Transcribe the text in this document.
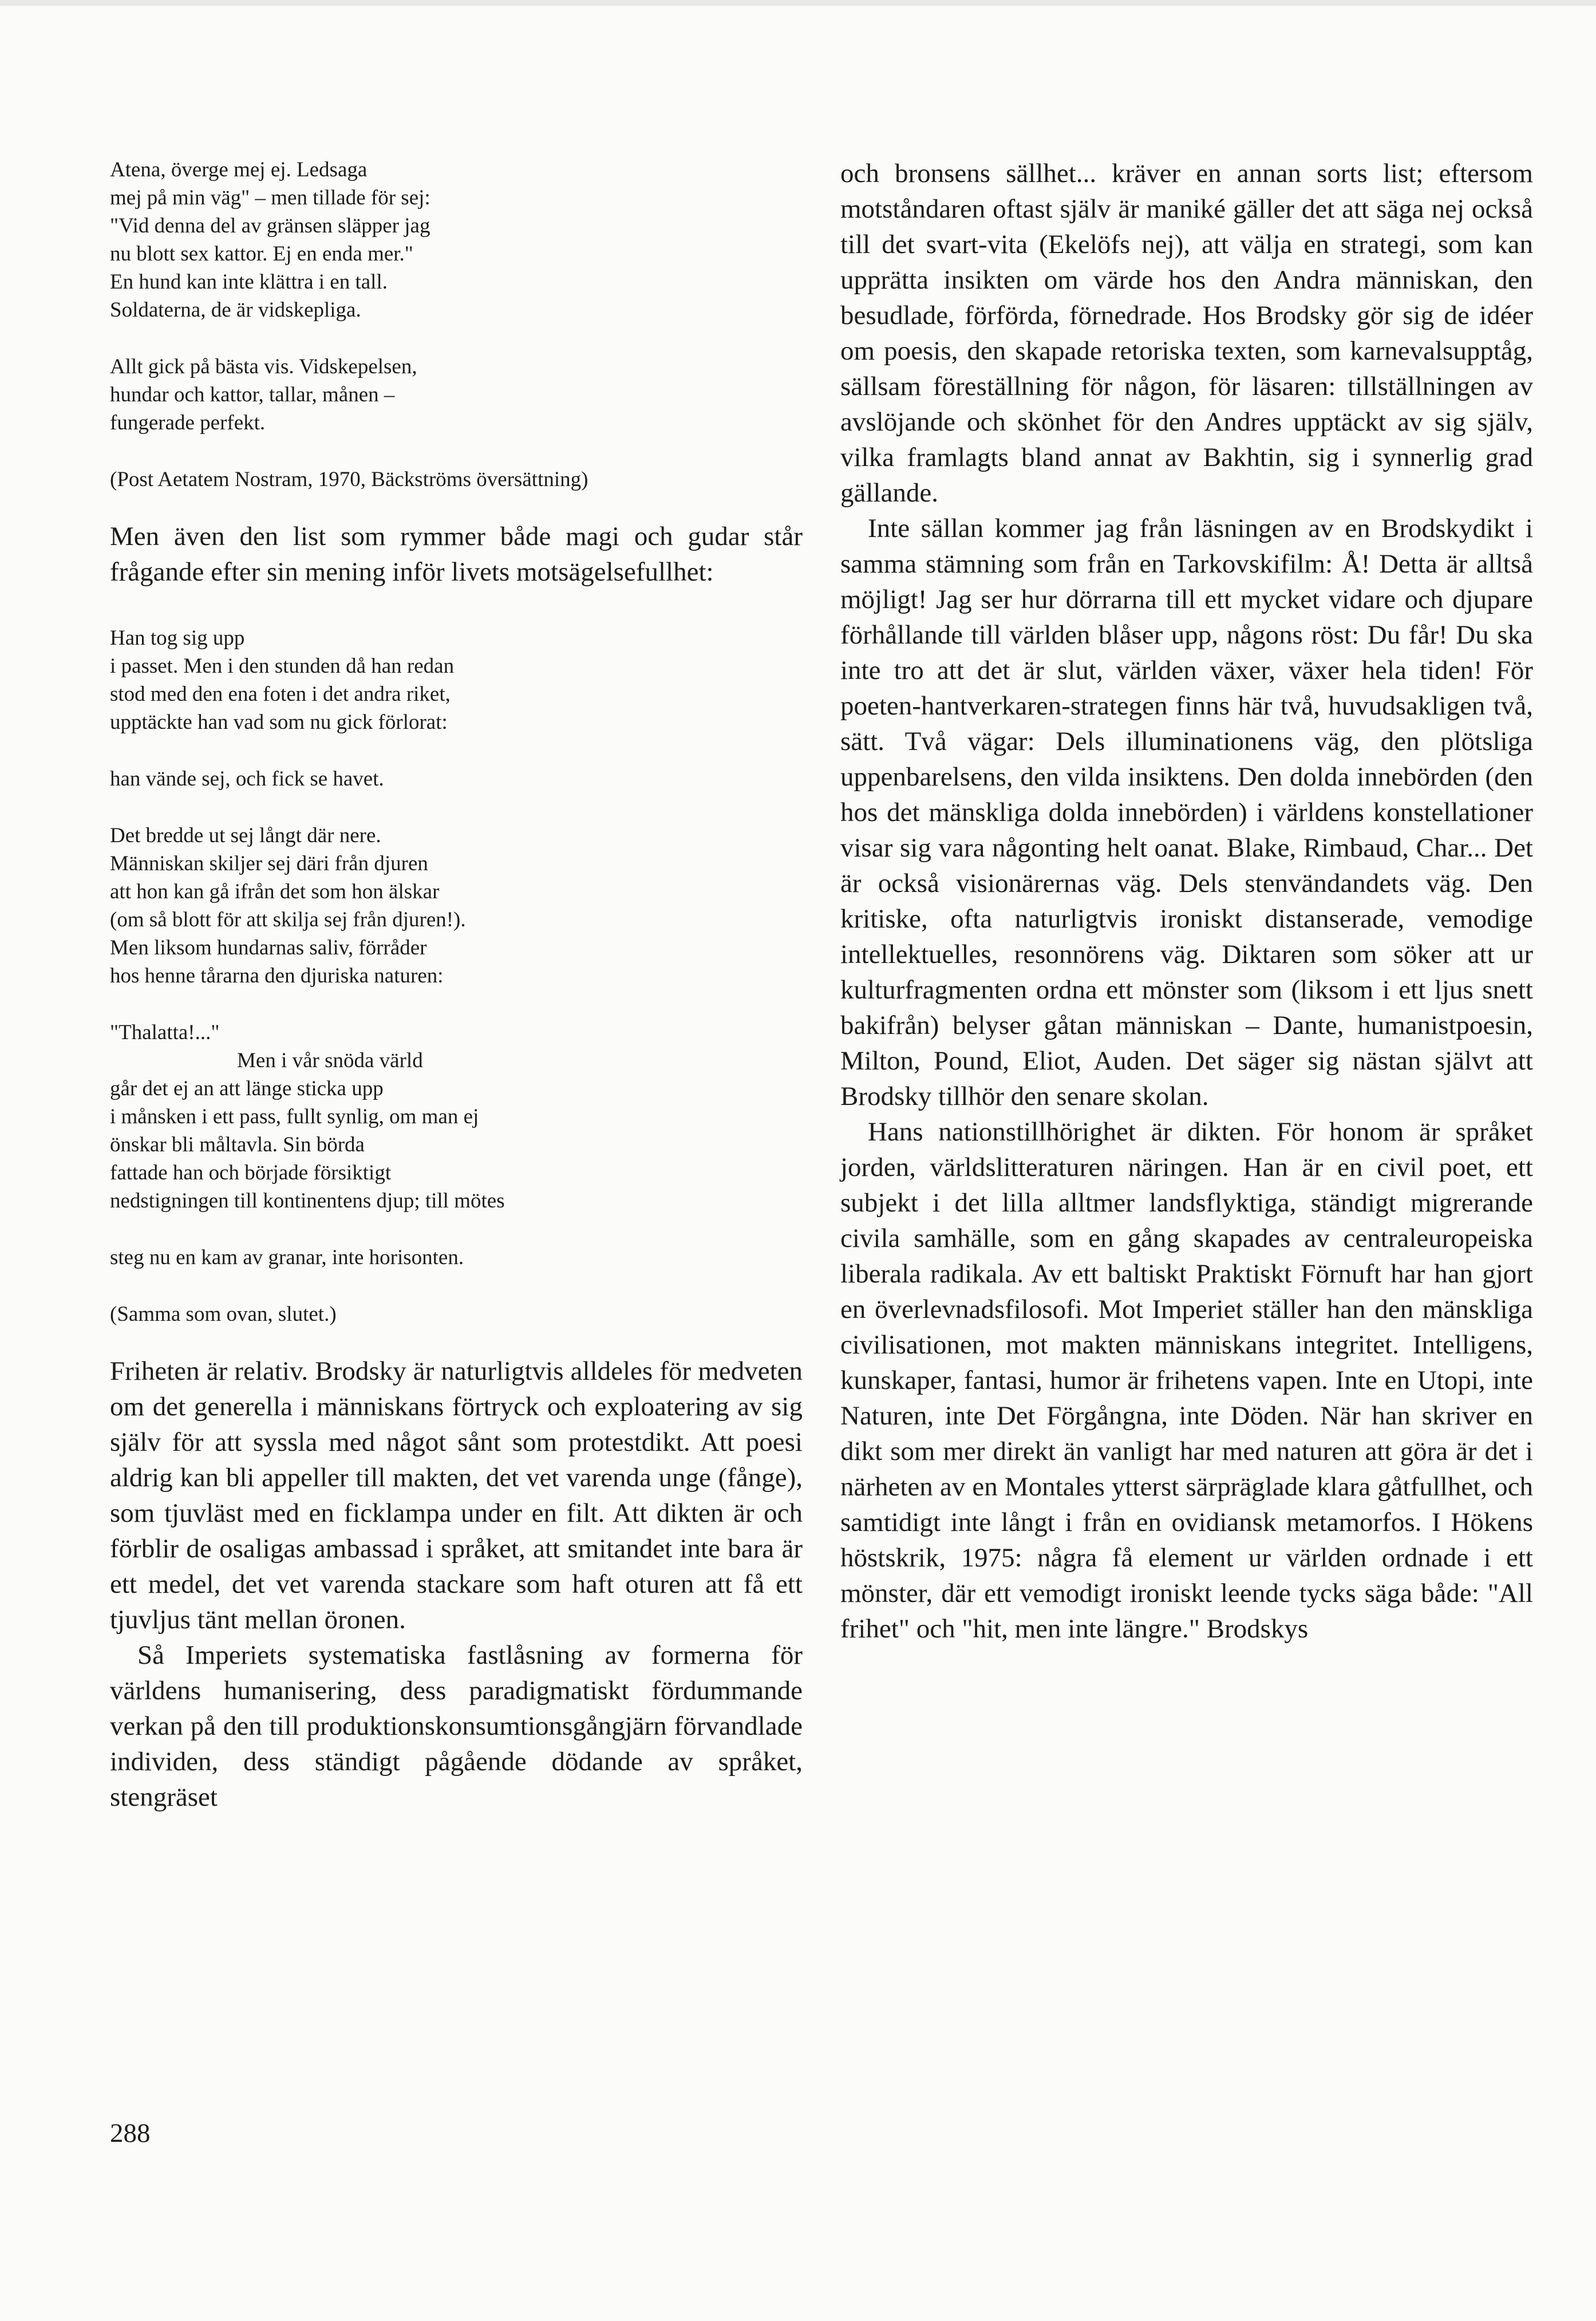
Atena, överge mej ej. Ledsaga

mej på min väg" – men tillade för sej:

"Vid denna del av gränsen släpper jag

nu blott sex kattor. Ej en enda mer."

En hund kan inte klättra i en tall.

Soldaterna, de är vidskepliga.

Allt gick på bästa vis. Vidskepelsen,

hundar och kattor, tallar, månen –

fungerade perfekt.

(Post Aetatem Nostram, 1970, Bäckströms översättning)

Men även den list som rymmer både magi och gudar står frågande efter sin mening inför livets motsägelsefullhet:

Han tog sig upp

i passet. Men i den stunden då han redan

stod med den ena foten i det andra riket,

upptäckte han vad som nu gick förlorat:

han vände sej, och fick se havet.

Det bredde ut sej långt där nere.

Människan skiljer sej däri från djuren

att hon kan gå ifrån det som hon älskar

(om så blott för att skilja sej från djuren!).

Men liksom hundarnas saliv, förråder

hos henne tårarna den djuriska naturen:

"Thalatta!..."

Men i vår snöda värld

går det ej an att länge sticka upp

i månsken i ett pass, fullt synlig, om man ej

önskar bli måltavla. Sin börda

fattade han och började försiktigt

nedstigningen till kontinentens djup; till mötes

steg nu en kam av granar, inte horisonten.

(Samma som ovan, slutet.)

Friheten är relativ. Brodsky är naturligtvis alldeles för medveten om det generella i människans förtryck och exploatering av sig själv för att syssla med något sånt som protestdikt. Att poesi aldrig kan bli appeller till makten, det vet varenda unge (fånge), som tjuvläst med en ficklampa under en filt. Att dikten är och förblir de osaligas ambassad i språket, att smitandet inte bara är ett medel, det vet varenda stackare som haft oturen att få ett tjuvljus tänt mellan öronen.

Så Imperiets systematiska fastlåsning av formerna för världens humanisering, dess paradigmatiskt fördummande verkan på den till produktionskonsumtionsgångjärn förvandlade individen, dess ständigt pågående dödande av språket, stengräset

och bronsens sällhet... kräver en annan sorts list; eftersom motståndaren oftast själv är maniké gäller det att säga nej också till det svart-vita (Ekelöfs nej), att välja en strategi, som kan upprätta insikten om värde hos den Andra människan, den besudlade, förförda, förnedrade. Hos Brodsky gör sig de idéer om poesis, den skapade retoriska texten, som karnevalsupptåg, sällsam föreställning för någon, för läsaren: tillställningen av avslöjande och skönhet för den Andres upptäckt av sig själv, vilka framlagts bland annat av Bakhtin, sig i synnerlig grad gällande.

Inte sällan kommer jag från läsningen av en Brodskydikt i samma stämning som från en Tarkovskifilm: Å! Detta är alltså möjligt! Jag ser hur dörrarna till ett mycket vidare och djupare förhållande till världen blåser upp, någons röst: Du får! Du ska inte tro att det är slut, världen växer, växer hela tiden! För poeten-hantverkaren-strategen finns här två, huvudsakligen två, sätt. Två vägar: Dels illuminationens väg, den plötsliga uppenbarelsens, den vilda insiktens. Den dolda innebörden (den hos det mänskliga dolda innebörden) i världens konstellationer visar sig vara någonting helt oanat. Blake, Rimbaud, Char... Det är också visionärernas väg. Dels stenvändandets väg. Den kritiske, ofta naturligtvis ironiskt distanserade, vemodige intellektuelles, resonnörens väg. Diktaren som söker att ur kulturfragmenten ordna ett mönster som (liksom i ett ljus snett bakifrån) belyser gåtan människan – Dante, humanistpoesin, Milton, Pound, Eliot, Auden. Det säger sig nästan självt att Brodsky tillhör den senare skolan.

Hans nationstillhörighet är dikten. För honom är språket jorden, världslitteraturen näringen. Han är en civil poet, ett subjekt i det lilla alltmer landsflyktiga, ständigt migrerande civila samhälle, som en gång skapades av centraleuropeiska liberala radikala. Av ett baltiskt Praktiskt Förnuft har han gjort en överlevnadsfilosofi. Mot Imperiet ställer han den mänskliga civilisationen, mot makten människans integritet. Intelligens, kunskaper, fantasi, humor är frihetens vapen. Inte en Utopi, inte Naturen, inte Det Förgångna, inte Döden. När han skriver en dikt som mer direkt än vanligt har med naturen att göra är det i närheten av en Montales ytterst särpräglade klara gåtfullhet, och samtidigt inte långt i från en ovidiansk metamorfos. I Hökens höstskrik, 1975: några få element ur världen ordnade i ett mönster, där ett vemodigt ironiskt leende tycks säga både: "All frihet" och "hit, men inte längre." Brodskys

288
